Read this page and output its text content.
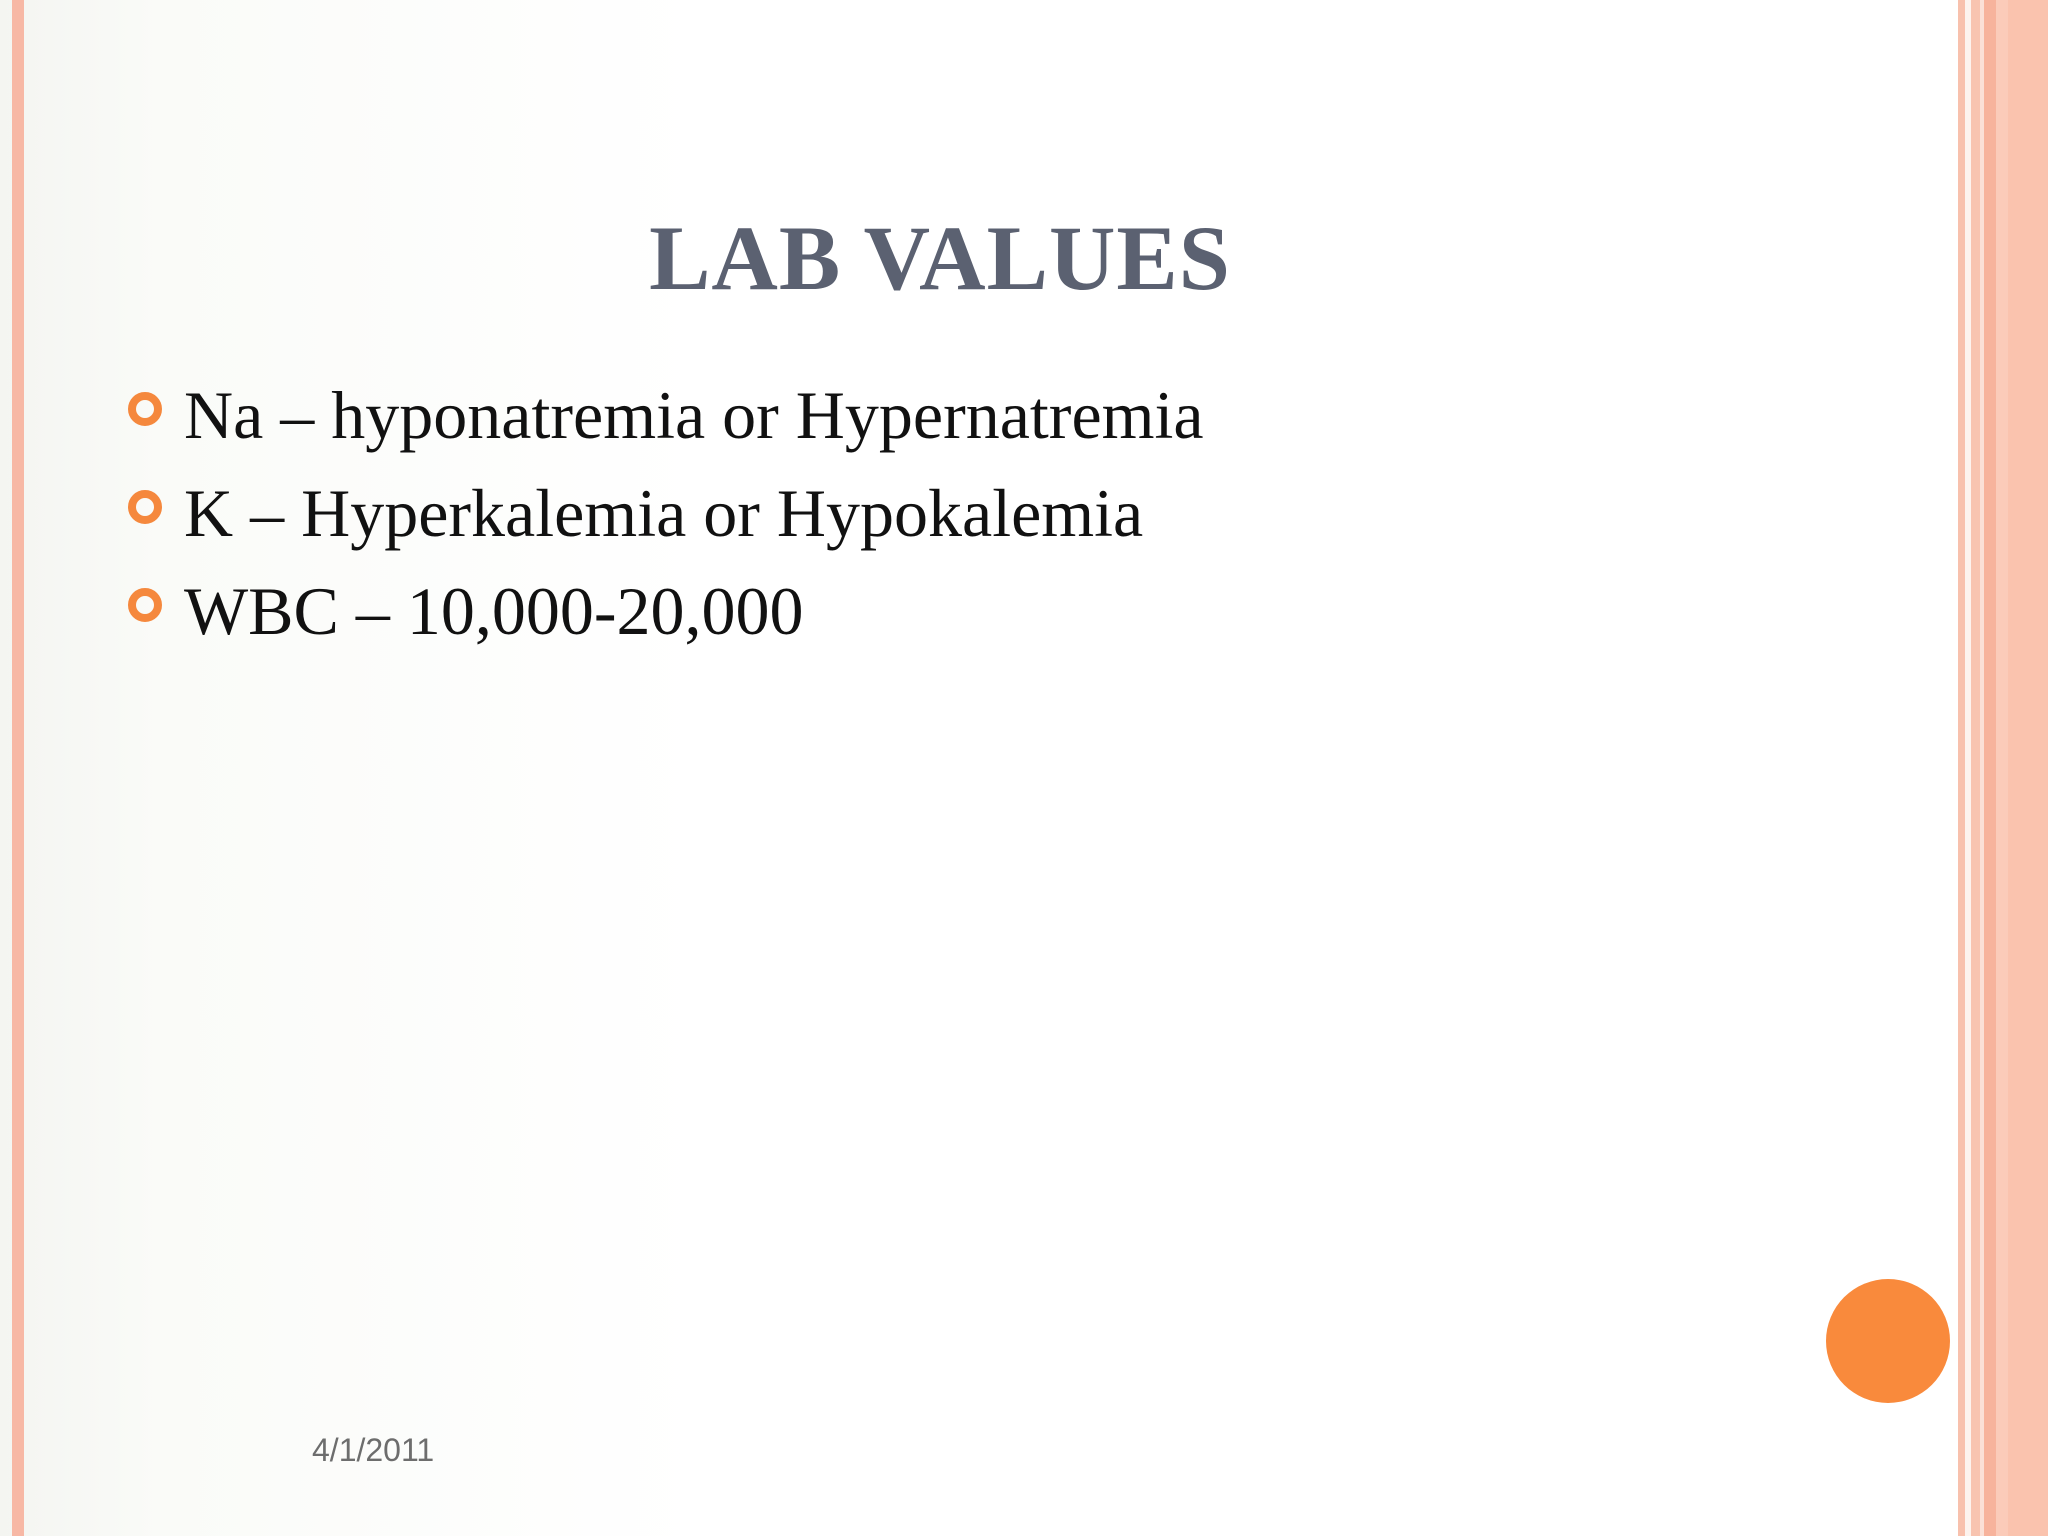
LAB VALUES
Na – hyponatremia or Hypernatremia
K – Hyperkalemia or Hypokalemia
WBC – 10,000-20,000
4/1/2011
